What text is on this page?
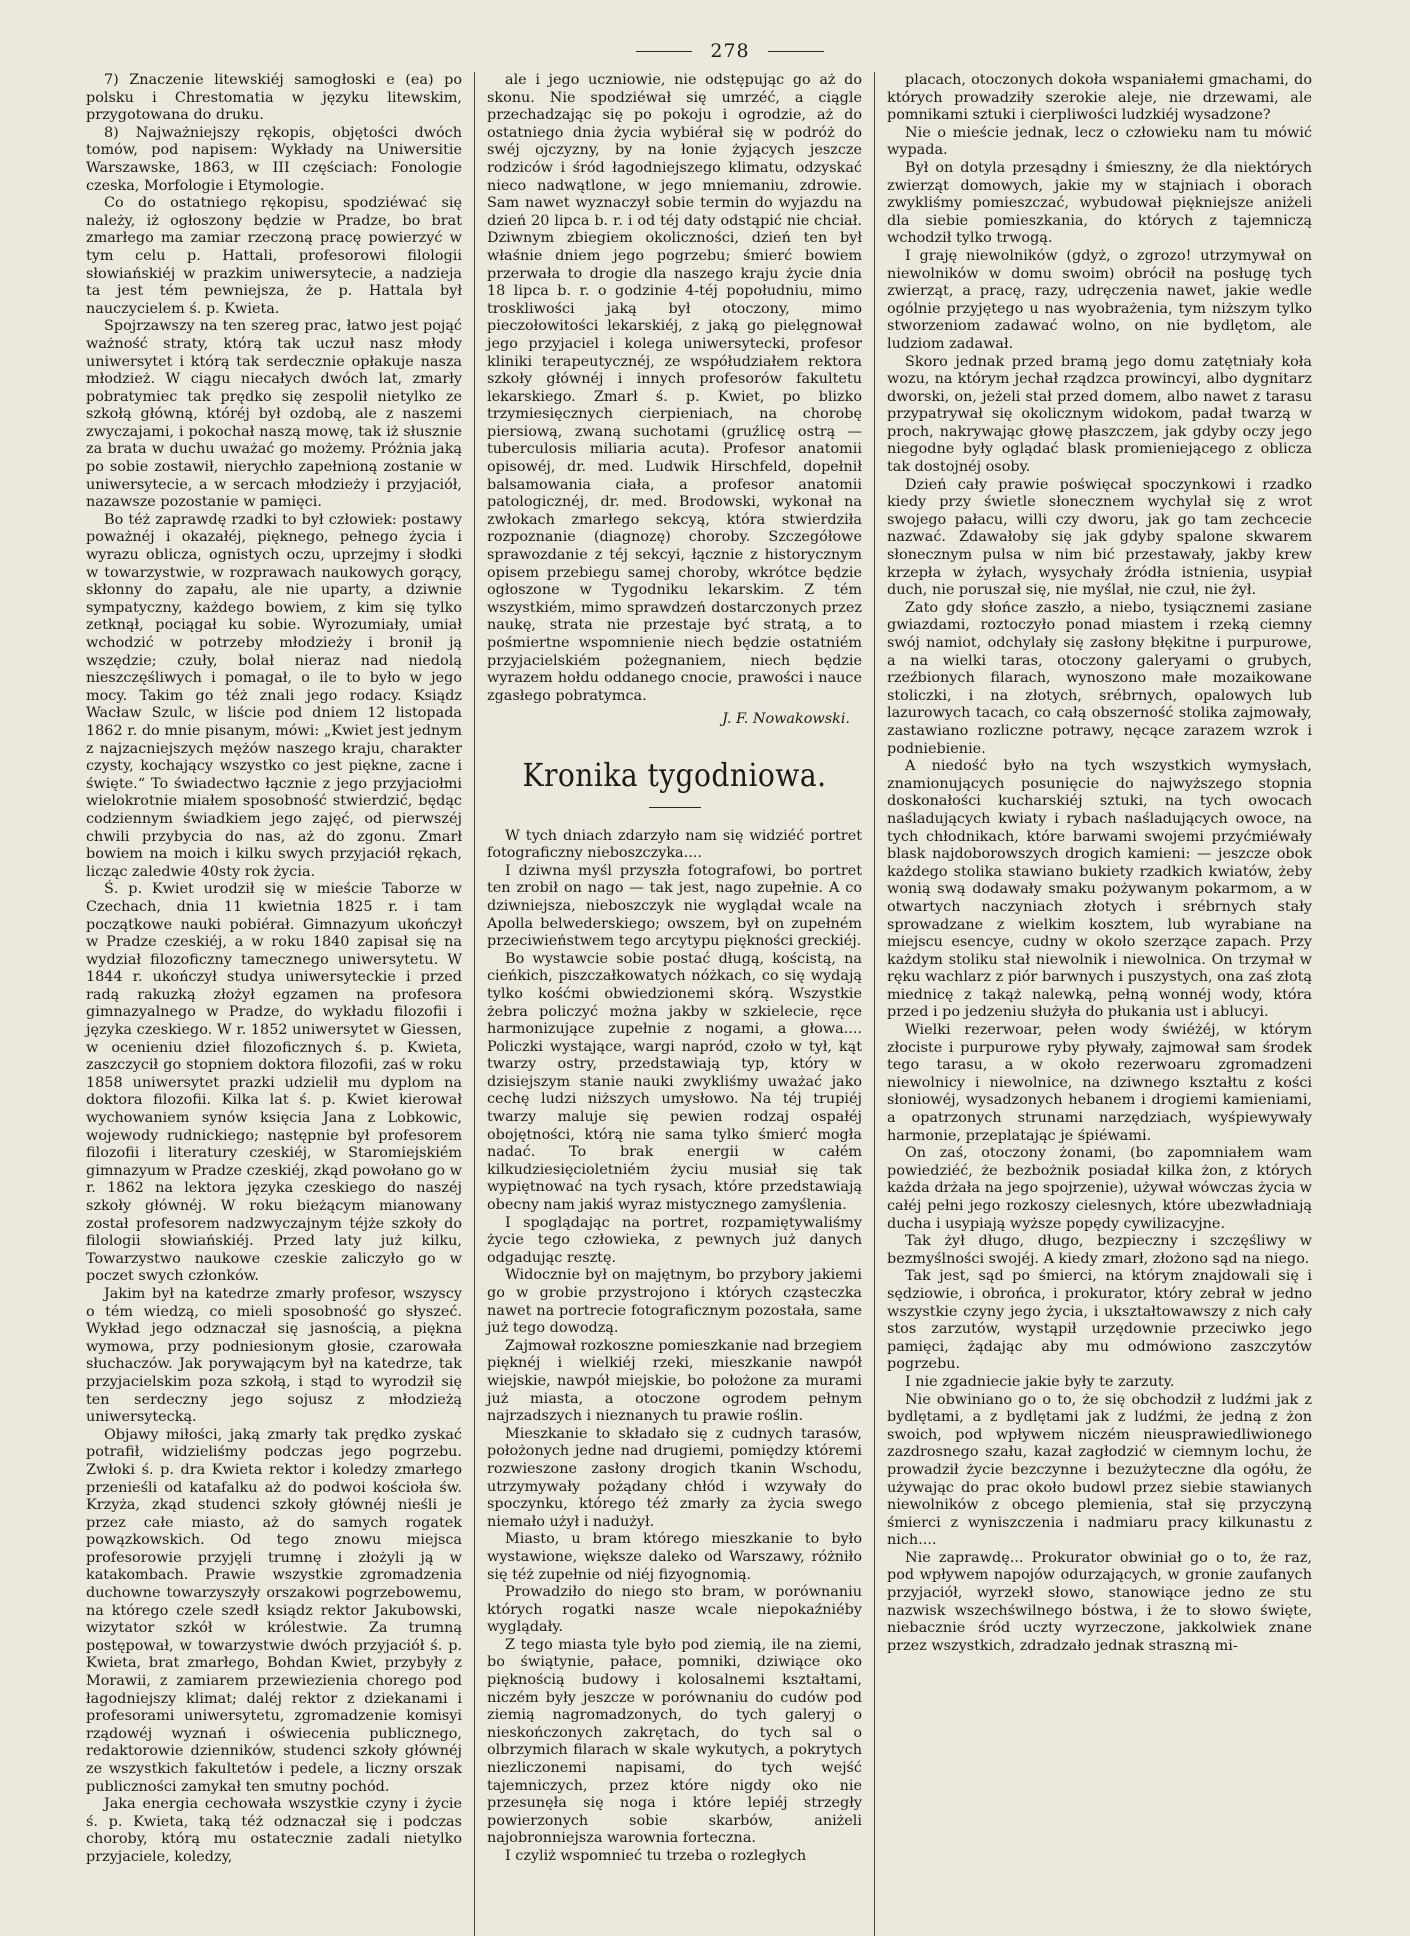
278

7) Znaczenie litewskiéj samogłoski e (ea) po polsku i Chrestomatia w języku litewskim, przygotowana do druku.

8) Najważniejszy rękopis, objętości dwóch tomów, pod napisem: Wykłady na Uniwersitie Warszawske, 1863, w III częściach: Fonologie czeska, Morfologie i Etymologie.

Co do ostatniego rękopisu, spodziéwać się należy, iż ogłoszony będzie w Pradze, bo brat zmarłego ma zamiar rzeczoną pracę powierzyć w tym celu p. Hattali, profesorowi filologii słowiańskiéj w prazkim uniwersytecie, a nadzieja ta jest tém pewniejsza, że p. Hattala był nauczycielem ś. p. Kwieta.

Spojrzawszy na ten szereg prac, łatwo jest pojąć ważność straty, którą tak uczuł nasz młody uniwersytet i którą tak serdecznie opłakuje nasza młodzież. W ciągu niecałych dwóch lat, zmarły pobratymiec tak prędko się zespolił nietylko ze szkołą główną, któréj był ozdobą, ale z naszemi zwyczajami, i pokochał naszą mowę, tak iż słusznie za brata w duchu uważać go możemy. Próżnia jaką po sobie zostawił, nierychło zapełnioną zostanie w uniwersytecie, a w sercach młodzieży i przyjaciół, nazawsze pozostanie w pamięci.

Bo téż zaprawdę rzadki to był człowiek: postawy poważnéj i okazałéj, pięknego, pełnego życia i wyrazu oblicza, ognistych oczu, uprzejmy i słodki w towarzystwie, w rozprawach naukowych gorący, skłonny do zapału, ale nie uparty, a dziwnie sympatyczny, każdego bowiem, z kim się tylko zetknął, pociągał ku sobie. Wyrozumiały, umiał wchodzić w potrzeby młodzieży i bronił ją wszędzie; czuły, bolał nieraz nad niedolą nieszczęśliwych i pomagał, o ile to było w jego mocy. Takim go téż znali jego rodacy. Ksiądz Wacław Szulc, w liście pod dniem 12 listopada 1862 r. do mnie pisanym, mówi: „Kwiet jest jednym z najzacniejszych mężów naszego kraju, charakter czysty, kochający wszystko co jest piękne, zacne i święte.“ To świadectwo łącznie z jego przyjaciołmi wielokrotnie miałem sposobność stwierdzić, będąc codziennym świadkiem jego zajęć, od pierwszéj chwili przybycia do nas, aż do zgonu. Zmarł bowiem na moich i kilku swych przyjaciół rękach, licząc zaledwie 40sty rok życia.

Ś. p. Kwiet urodził się w mieście Taborze w Czechach, dnia 11 kwietnia 1825 r. i tam początkowe nauki pobiérał. Gimnazyum ukończył w Pradze czeskiéj, a w roku 1840 zapisał się na wydział filozoficzny tamecznego uniwersytetu. W 1844 r. ukończył studya uniwersyteckie i przed radą rakuzką złożył egzamen na profesora gimnazyalnego w Pradze, do wykładu filozofii i języka czeskiego. W r. 1852 uniwersytet w Giessen, w ocenieniu dzieł filozoficznych ś. p. Kwieta, zaszczycił go stopniem doktora filozofii, zaś w roku 1858 uniwersytet prazki udzielił mu dyplom na doktora filozofii. Kilka lat ś. p. Kwiet kierował wychowaniem synów księcia Jana z Lobkowic, wojewody rudnickiego; następnie był profesorem filozofii i literatury czeskiéj, w Staromiejskiém gimnazyum w Pradze czeskiéj, zkąd powołano go w r. 1862 na lektora języka czeskiego do naszéj szkoły głównéj. W roku bieżącym mianowany został profesorem nadzwyczajnym téjże szkoły do filologii słowiańskiéj. Przed laty już kilku, Towarzystwo naukowe czeskie zaliczyło go w poczet swych członków.

Jakim był na katedrze zmarły profesor, wszyscy o tém wiedzą, co mieli sposobność go słyszeć. Wykład jego odznaczał się jasnością, a piękna wymowa, przy podniesionym głosie, czarowała słuchaczów. Jak porywającym był na katedrze, tak przyjacielskim poza szkołą, i stąd to wyrodził się ten serdeczny jego sojusz z młodzieżą uniwersytecką.

Objawy miłości, jaką zmarły tak prędko zyskać potrafił, widzieliśmy podczas jego pogrzebu. Zwłoki ś. p. dra Kwieta rektor i koledzy zmarłego przenieśli od katafalku aż do podwoi kościoła św. Krzyża, zkąd studenci szkoły głównéj nieśli je przez całe miasto, aż do samych rogatek powązkowskich. Od tego znowu miejsca profesorowie przyjęli trumnę i złożyli ją w katakombach. Prawie wszystkie zgromadzenia duchowne towarzyszyły orszakowi pogrzebowemu, na którego czele szedł ksiądz rektor Jakubowski, wizytator szkół w królestwie. Za trumną postępował, w towarzystwie dwóch przyjaciół ś. p. Kwieta, brat zmarłego, Bohdan Kwiet, przybyły z Morawii, z zamiarem przewiezienia chorego pod łagodniejszy klimat; daléj rektor z dziekanami i profesorami uniwersytetu, zgromadzenie komisyi rządowéj wyznań i oświecenia publicznego, redaktorowie dzienników, studenci szkoły głównéj ze wszystkich fakultetów i pedele, a liczny orszak publiczności zamykał ten smutny pochód.

Jaka energia cechowała wszystkie czyny i życie ś. p. Kwieta, taką téż odznaczał się i podczas choroby, którą mu ostatecznie zadali nietylko przyjaciele, koledzy,

ale i jego uczniowie, nie odstępując go aż do skonu. Nie spodziéwał się umrzéć, a ciągle przechadzając się po pokoju i ogrodzie, aż do ostatniego dnia życia wybiérał się w podróż do swéj ojczyzny, by na łonie żyjących jeszcze rodziców i śród łagodniejszego klimatu, odzyskać nieco nadwątlone, w jego mniemaniu, zdrowie. Sam nawet wyznaczył sobie termin do wyjazdu na dzień 20 lipca b. r. i od téj daty odstąpić nie chciał. Dziwnym zbiegiem okoliczności, dzień ten był właśnie dniem jego pogrzebu; śmierć bowiem przerwała to drogie dla naszego kraju życie dnia 18 lipca b. r. o godzinie 4-téj popołudniu, mimo troskliwości jaką był otoczony, mimo pieczołowitości lekarskiéj, z jaką go pielęgnował jego przyjaciel i kolega uniwersytecki, profesor kliniki terapeutycznéj, ze współudziałem rektora szkoły głównéj i innych profesorów fakultetu lekarskiego. Zmarł ś. p. Kwiet, po blizko trzymiesięcznych cierpieniach, na chorobę piersiową, zwaną suchotami (gruźlicę ostrą — tuberculosis miliaria acuta). Profesor anatomii opisowéj, dr. med. Ludwik Hirschfeld, dopełnił balsamowania ciała, a profesor anatomii patologicznéj, dr. med. Brodowski, wykonał na zwłokach zmarłego sekcyą, która stwierdziła rozpoznanie (diagnozę) choroby. Szczegółowe sprawozdanie z téj sekcyi, łącznie z historycznym opisem przebiegu samej choroby, wkrótce będzie ogłoszone w Tygodniku lekarskim. Z tém wszystkiém, mimo sprawdzeń dostarczonych przez naukę, strata nie przestaje być stratą, a to pośmiertne wspomnienie niech będzie ostatniém przyjacielskiém pożegnaniem, niech będzie wyrazem hołdu oddanego cnocie, prawości i nauce zgasłego pobratymca.

J. F. Nowakowski.

Kronika tygodniowa.

W tych dniach zdarzyło nam się widziéć portret fotograficzny nieboszczyka....

I dziwna myśl przyszła fotografowi, bo portret ten zrobił on nago — tak jest, nago zupełnie. A co dziwniejsza, nieboszczyk nie wyglądał wcale na Apolla belwederskiego; owszem, był on zupełném przeciwieństwem tego arcytypu piękności greckiéj.

Bo wystawcie sobie postać długą, kościstą, na cieńkich, piszczałkowatych nóżkach, co się wydają tylko kośćmi obwiedzionemi skórą. Wszystkie żebra policzyć można jakby w szkielecie, ręce harmonizujące zupełnie z nogami, a głowa.... Policzki wystające, wargi napród, czoło w tył, kąt twarzy ostry, przedstawiają typ, który w dzisiejszym stanie nauki zwykliśmy uważać jako cechę ludzi niższych umysłowo. Na téj trupiéj twarzy maluje się pewien rodzaj ospałéj obojętności, którą nie sama tylko śmierć mogła nadać. To brak energii w całém kilkudziesięcioletniém życiu musiał się tak wypiętnować na tych rysach, które przedstawiają obecny nam jakiś wyraz mistycznego zamyślenia.

I spoglądając na portret, rozpamiętywaliśmy życie tego człowieka, z pewnych już danych odgadując resztę.

Widocznie był on majętnym, bo przybory jakiemi go w grobie przystrojono i których cząsteczka nawet na portrecie fotograficznym pozostała, same już tego dowodzą.

Zajmował rozkoszne pomieszkanie nad brzegiem pięknéj i wielkiéj rzeki, mieszkanie nawpół wiejskie, nawpół miejskie, bo położone za murami już miasta, a otoczone ogrodem pełnym najrzadszych i nieznanych tu prawie roślin.

Mieszkanie to składało się z cudnych tarasów, położonych jedne nad drugiemi, pomiędzy któremi rozwieszone zasłony drogich tkanin Wschodu, utrzymywały pożądany chłód i wzywały do spoczynku, którego téż zmarły za życia swego niemało użył i nadużył.

Miasto, u bram którego mieszkanie to było wystawione, większe daleko od Warszawy, różniło się téż zupełnie od niéj fizyognomią.

Prowadziło do niego sto bram, w porównaniu których rogatki nasze wcale niepokaźniéby wyglądały.

Z tego miasta tyle było pod ziemią, ile na ziemi, bo świątynie, pałace, pomniki, dziwiące oko pięknością budowy i kolosalnemi kształtami, niczém były jeszcze w porównaniu do cudów pod ziemią nagromadzonych, do tych galeryj o nieskończonych zakrętach, do tych sal o olbrzymich filarach w skale wykutych, a pokrytych niezliczonemi napisami, do tych wejść tajemniczych, przez które nigdy oko nie przesunęła się noga i które lepiéj strzegły powierzonych sobie skarbów, aniżeli najobronniejsza warownia forteczna.

I czyliż wspomnieć tu trzeba o rozległych

placach, otoczonych dokoła wspaniałemi gmachami, do których prowadziły szerokie aleje, nie drzewami, ale pomnikami sztuki i cierpliwości ludzkiéj wysadzone?

Nie o mieście jednak, lecz o człowieku nam tu mówić wypada.

Był on dotyla przesądny i śmieszny, że dla niektórych zwierząt domowych, jakie my w stajniach i oborach zwykliśmy pomieszczać, wybudował piękniejsze aniżeli dla siebie pomieszkania, do których z tajemniczą wchodził tylko trwogą.

I graję niewolników (gdyż, o zgrozo! utrzymywał on niewolników w domu swoim) obrócił na posługę tych zwierząt, a pracę, razy, udręczenia nawet, jakie wedle ogólnie przyjętego u nas wyobrażenia, tym niższym tylko stworzeniom zadawać wolno, on nie bydlętom, ale ludziom zadawał.

Skoro jednak przed bramą jego domu zatętniały koła wozu, na którym jechał rządzca prowincyi, albo dygnitarz dworski, on, jeżeli stał przed domem, albo nawet z tarasu przypatrywał się okolicznym widokom, padał twarzą w proch, nakrywając głowę płaszczem, jak gdyby oczy jego niegodne były oglądać blask promieniejącego z oblicza tak dostojnéj osoby.

Dzień cały prawie poświęcał spoczynkowi i rzadko kiedy przy świetle słonecznem wychylał się z wrot swojego pałacu, willi czy dworu, jak go tam zechcecie nazwać. Zdawałoby się jak gdyby spalone skwarem słonecznym pulsa w nim bić przestawały, jakby krew krzepła w żyłach, wysychały źródła istnienia, usypiał duch, nie poruszał się, nie myślał, nie czuł, nie żył.

Zato gdy słońce zaszło, a niebo, tysiącznemi zasiane gwiazdami, roztoczyło ponad miastem i rzeką ciemny swój namiot, odchylały się zasłony błękitne i purpurowe, a na wielki taras, otoczony galeryami o grubych, rzeźbionych filarach, wynoszono małe mozaikowane stoliczki, i na złotych, srébrnych, opalowych lub lazurowych tacach, co całą obszerność stolika zajmowały, zastawiano rozliczne potrawy, nęcące zarazem wzrok i podniebienie.

A niedość było na tych wszystkich wymysłach, znamionujących posunięcie do najwyższego stopnia doskonałości kucharskiéj sztuki, na tych owocach naśladujących kwiaty i rybach naśladujących owoce, na tych chłodnikach, które barwami swojemi przyćmiéwały blask najdoborowszych drogich kamieni: — jeszcze obok każdego stolika stawiano bukiety rzadkich kwiatów, żeby wonią swą dodawały smaku pożywanym pokarmom, a w otwartych naczyniach złotych i srébrnych stały sprowadzane z wielkim kosztem, lub wyrabiane na miejscu esencye, cudny w około szerzące zapach. Przy każdym stoliku stał niewolnik i niewolnica. On trzymał w ręku wachlarz z piór barwnych i puszystych, ona zaś złotą miednicę z takąż nalewką, pełną wonnéj wody, która przed i po jedzeniu służyła do płukania ust i ablucyi.

Wielki rezerwoar, pełen wody świéżéj, w którym złociste i purpurowe ryby pływały, zajmował sam środek tego tarasu, a w około rezerwoaru zgromadzeni niewolnicy i niewolnice, na dziwnego kształtu z kości słoniowéj, wysadzonych hebanem i drogiemi kamieniami, a opatrzonych strunami narzędziach, wyśpiewywały harmonie, przeplatając je śpiéwami.

On zaś, otoczony żonami, (bo zapomniałem wam powiedziéć, że bezbożnik posiadał kilka żon, z których każda drżała na jego spojrzenie), używał wówczas życia w całéj pełni jego rozkoszy cielesnych, które ubezwładniają ducha i usypiają wyższe popędy cywilizacyjne.

Tak żył długo, długo, bezpieczny i szczęśliwy w bezmyślności swojéj. A kiedy zmarł, złożono sąd na niego.

Tak jest, sąd po śmierci, na którym znajdowali się i sędziowie, i obrońca, i prokurator, który zebrał w jedno wszystkie czyny jego życia, i ukształtowawszy z nich cały stos zarzutów, wystąpił urzędownie przeciwko jego pamięci, żądając aby mu odmówiono zaszczytów pogrzebu.

I nie zgadniecie jakie były te zarzuty.

Nie obwiniano go o to, że się obchodził z ludźmi jak z bydlętami, a z bydlętami jak z ludźmi, że jedną z żon swoich, pod wpływem niczém nieusprawiedliwionego zazdrosnego szału, kazał zagłodzić w ciemnym lochu, że prowadził życie bezczynne i bezużyteczne dla ogółu, że używając do prac około budowl przez siebie stawianych niewolników z obcego plemienia, stał się przyczyną śmierci z wyniszczenia i nadmiaru pracy kilkunastu z nich....

Nie zaprawdę... Prokurator obwiniał go o to, że raz, pod wpływem napojów odurzających, w gronie zaufanych przyjaciół, wyrzekł słowo, stanowiące jedno ze stu nazwisk wszechświlnego bóstwa, i że to słowo święte, niebacznie śród uczty wyrzeczone, jakkolwiek znane przez wszystkich, zdradzało jednak straszną mi-
